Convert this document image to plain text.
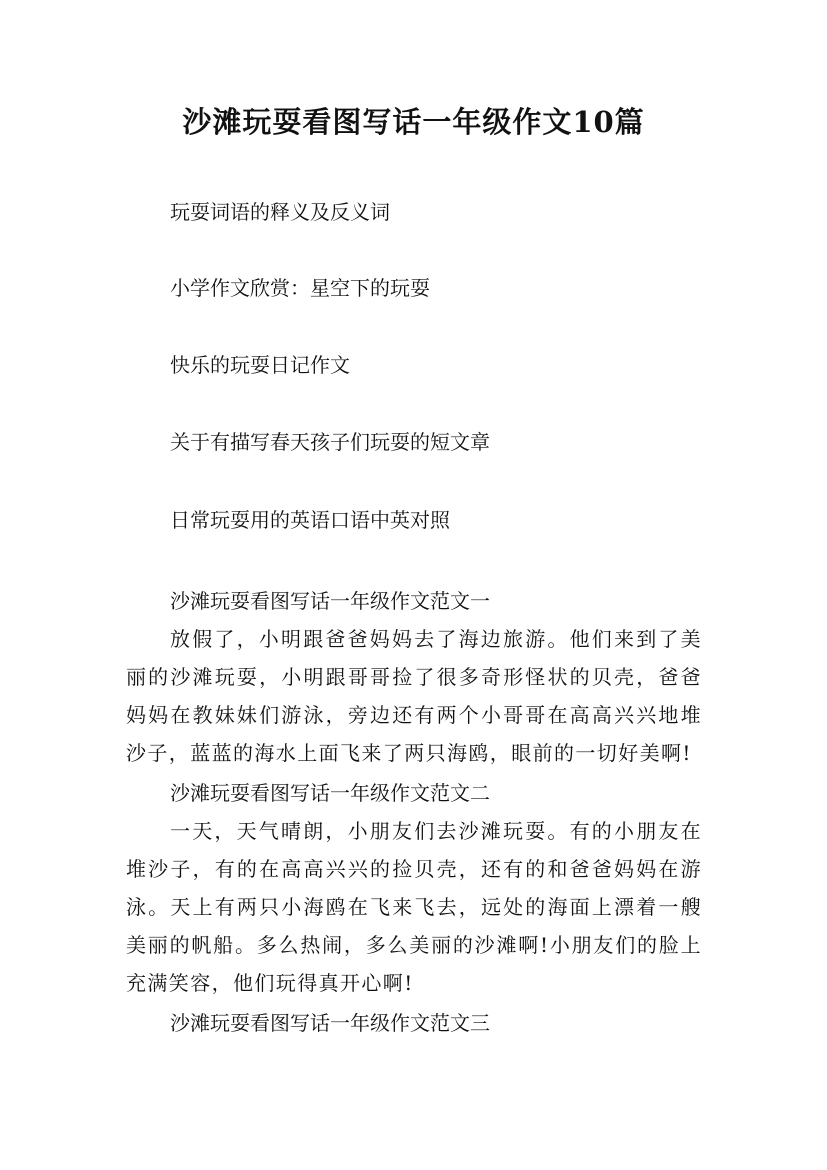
沙滩玩耍看图写话一年级作文10篇
玩耍词语的释义及反义词
小学作文欣赏：星空下的玩耍
快乐的玩耍日记作文
关于有描写春天孩子们玩耍的短文章
日常玩耍用的英语口语中英对照
沙滩玩耍看图写话一年级作文范文一
放假了，小明跟爸爸妈妈去了海边旅游。他们来到了美丽的沙滩玩耍，小明跟哥哥捡了很多奇形怪状的贝壳，爸爸妈妈在教妹妹们游泳，旁边还有两个小哥哥在高高兴兴地堆沙子，蓝蓝的海水上面飞来了两只海鸥，眼前的一切好美啊!
沙滩玩耍看图写话一年级作文范文二
一天，天气晴朗，小朋友们去沙滩玩耍。有的小朋友在堆沙子，有的在高高兴兴的捡贝壳，还有的和爸爸妈妈在游泳。天上有两只小海鸥在飞来飞去，远处的海面上漂着一艘美丽的帆船。多么热闹，多么美丽的沙滩啊!小朋友们的脸上充满笑容，他们玩得真开心啊!
沙滩玩耍看图写话一年级作文范文三
